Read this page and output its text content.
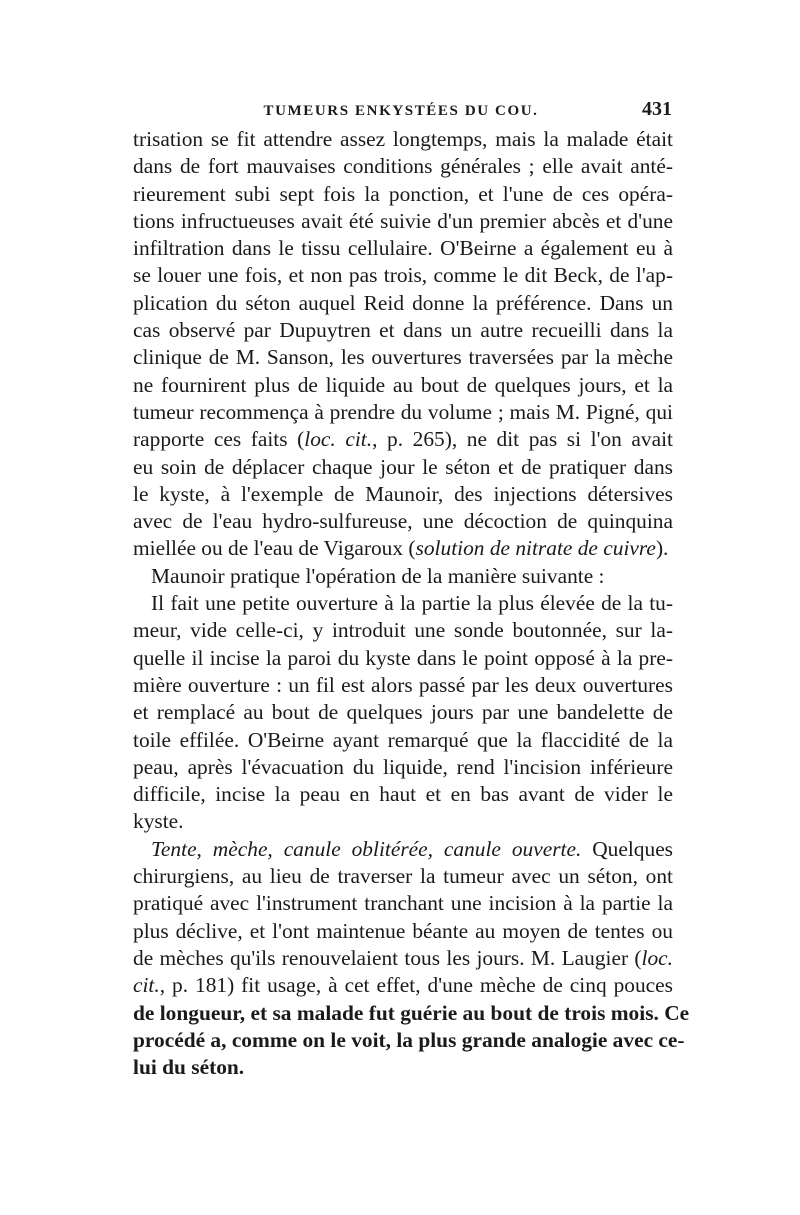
TUMEURS ENKYSTÉES DU COU.	431

trisation se fit attendre assez longtemps, mais la malade était

dans de fort mauvaises conditions générales ; elle avait anté-

rieurement subi sept fois la ponction, et l'une de ces opéra-

tions infructueuses avait été suivie d'un premier abcès et d'une

infiltration dans le tissu cellulaire. O'Beirne a également eu à

se louer une fois, et non pas trois, comme le dit Beck, de l'ap-

plication du séton auquel Reid donne la préférence. Dans un

cas observé par Dupuytren et dans un autre recueilli dans la

clinique de M. Sanson, les ouvertures traversées par la mèche

ne fournirent plus de liquide au bout de quelques jours, et la

tumeur recommença à prendre du volume ; mais M. Pigné, qui

rapporte ces faits (loc. cit., p. 265), ne dit pas si l'on avait

eu soin de déplacer chaque jour le séton et de pratiquer dans

le kyste, à l'exemple de Maunoir, des injections détersives

avec de l'eau hydro-sulfureuse, une décoction de quinquina

miellée ou de l'eau de Vigaroux (solution de nitrate de cuivre).

Maunoir pratique l'opération de la manière suivante :

Il fait une petite ouverture à la partie la plus élevée de la tu-

meur, vide celle-ci, y introduit une sonde boutonnée, sur la-

quelle il incise la paroi du kyste dans le point opposé à la pre-

mière ouverture : un fil est alors passé par les deux ouvertures

et remplacé au bout de quelques jours par une bandelette de

toile effilée. O'Beirne ayant remarqué que la flaccidité de la

peau, après l'évacuation du liquide, rend l'incision inférieure

difficile, incise la peau en haut et en bas avant de vider le

kyste.

Tente, mèche, canule oblitérée, canule ouverte. Quelques

chirurgiens, au lieu de traverser la tumeur avec un séton, ont

pratiqué avec l'instrument tranchant une incision à la partie la

plus déclive, et l'ont maintenue béante au moyen de tentes ou

de mèches qu'ils renouvelaient tous les jours. M. Laugier (loc.

cit., p. 181) fit usage, à cet effet, d'une mèche de cinq pouces

de longueur, et sa malade fut guérie au bout de trois mois. Ce

procédé a, comme on le voit, la plus grande analogie avec ce-

lui du séton.
